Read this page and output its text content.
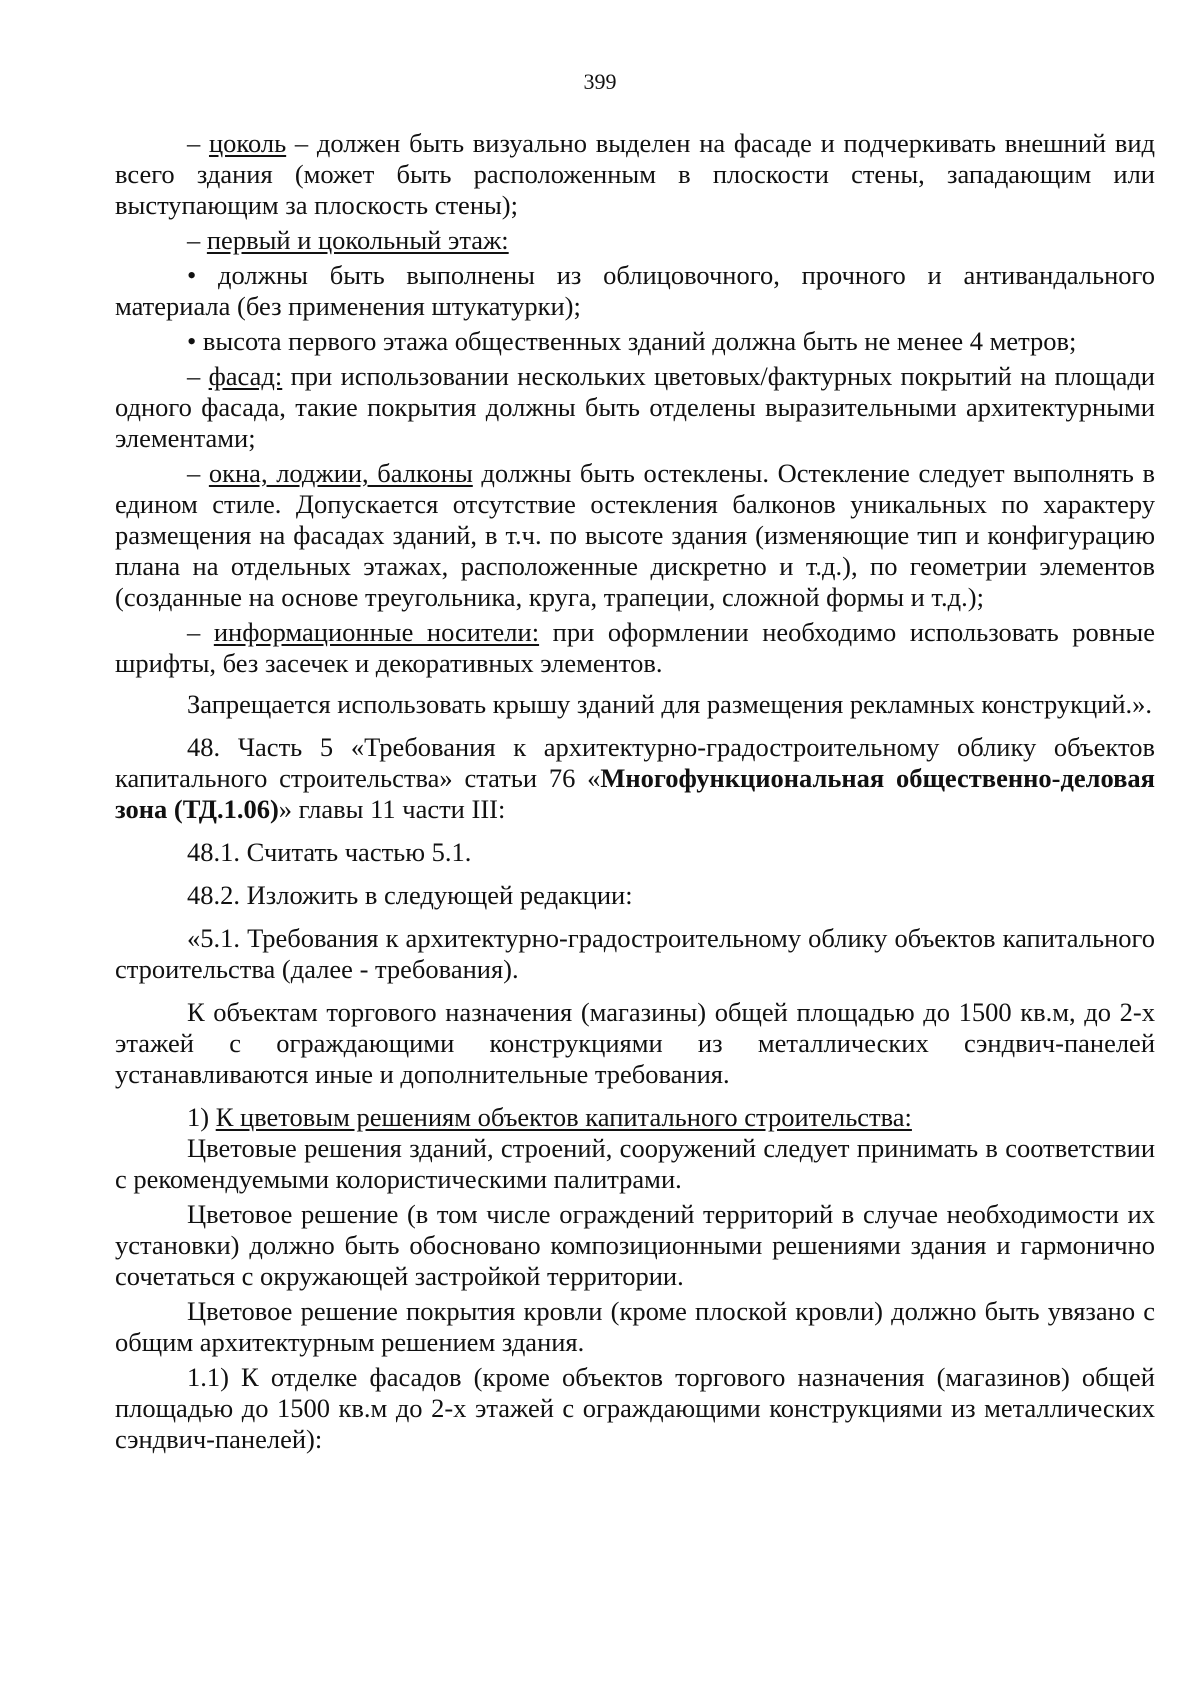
399

– цоколь – должен быть визуально выделен на фасаде и подчеркивать внешний вид всего здания (может быть расположенным в плоскости стены, западающим или выступающим за плоскость стены);

– первый и цокольный этаж:

• должны быть выполнены из облицовочного, прочного и антивандального материала (без применения штукатурки);

• высота первого этажа общественных зданий должна быть не менее 4 метров;

– фасад: при использовании нескольких цветовых/фактурных покрытий на площади одного фасада, такие покрытия должны быть отделены выразительными архитектурными элементами;

– окна, лоджии, балконы должны быть остеклены. Остекление следует выполнять в едином стиле. Допускается отсутствие остекления балконов уникальных по характеру размещения на фасадах зданий, в т.ч. по высоте здания (изменяющие тип и конфигурацию плана на отдельных этажах, расположенные дискретно и т.д.), по геометрии элементов (созданные на основе треугольника, круга, трапеции, сложной формы и т.д.);

– информационные носители: при оформлении необходимо использовать ровные шрифты, без засечек и декоративных элементов.

Запрещается использовать крышу зданий для размещения рекламных конструкций.».

48. Часть 5 «Требования к архитектурно-градостроительному облику объектов капитального строительства» статьи 76 «Многофункциональная общественно-деловая зона (ТД.1.06)» главы 11 части III:

48.1. Считать частью 5.1.

48.2. Изложить в следующей редакции:

«5.1. Требования к архитектурно-градостроительному облику объектов капитального строительства (далее - требования).

К объектам торгового назначения (магазины) общей площадью до 1500 кв.м, до 2-х этажей с ограждающими конструкциями из металлических сэндвич-панелей устанавливаются иные и дополнительные требования.

1) К цветовым решениям объектов капитального строительства:

Цветовые решения зданий, строений, сооружений следует принимать в соответствии с рекомендуемыми колористическими палитрами.

Цветовое решение (в том числе ограждений территорий в случае необходимости их установки) должно быть обосновано композиционными решениями здания и гармонично сочетаться с окружающей застройкой территории.

Цветовое решение покрытия кровли (кроме плоской кровли) должно быть увязано с общим архитектурным решением здания.

1.1) К отделке фасадов (кроме объектов торгового назначения (магазинов) общей площадью до 1500 кв.м до 2-х этажей с ограждающими конструкциями из металлических сэндвич-панелей):
